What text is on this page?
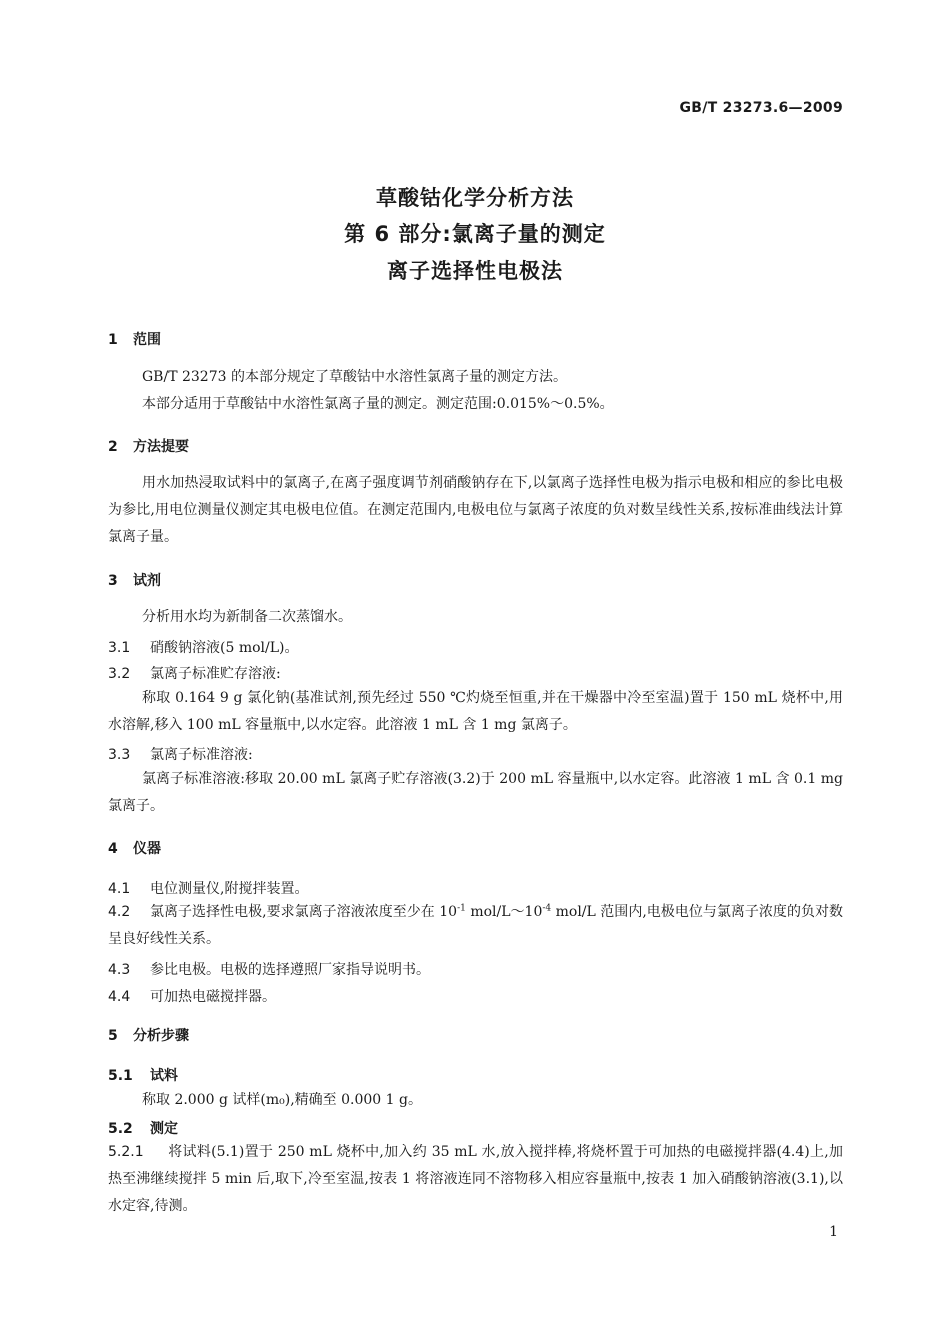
GB/T 23273.6—2009
草酸钴化学分析方法
第 6 部分:氯离子量的测定
离子选择性电极法
1 范围
GB/T 23273 的本部分规定了草酸钴中水溶性氯离子量的测定方法。
本部分适用于草酸钴中水溶性氯离子量的测定。测定范围:0.015%～0.5%。
2 方法提要
用水加热浸取试料中的氯离子,在离子强度调节剂硝酸钠存在下,以氯离子选择性电极为指示电极和相应的参比电极为参比,用电位测量仪测定其电极电位值。在测定范围内,电极电位与氯离子浓度的负对数呈线性关系,按标准曲线法计算氯离子量。
3 试剂
分析用水均为新制备二次蒸馏水。
3.1 硝酸钠溶液(5 mol/L)。
3.2 氯离子标准贮存溶液:
称取 0.164 9 g 氯化钠(基准试剂,预先经过 550 ℃灼烧至恒重,并在干燥器中冷至室温)置于 150 mL 烧杯中,用水溶解,移入 100 mL 容量瓶中,以水定容。此溶液 1 mL 含 1 mg 氯离子。
3.3 氯离子标准溶液:
氯离子标准溶液:移取 20.00 mL 氯离子贮存溶液(3.2)于 200 mL 容量瓶中,以水定容。此溶液 1 mL 含 0.1 mg 氯离子。
4 仪器
4.1 电位测量仪,附搅拌装置。
4.2 氯离子选择性电极,要求氯离子溶液浓度至少在 $10^{-1}$ mol/$L\sim 10^{-4}$ mol/L 范围内,电极电位与氯离子浓度的负对数呈良好线性关系。
4.3 参比电极。电极的选择遵照厂家指导说明书。
4.4 可加热电磁搅拌器。
5 分析步骤
5.1 试料
称取 2.000 g 试样(m₀),精确至 0.000 1 g。
5.2 测定
5.2.1 将试料(5.1)置于 250 mL 烧杯中,加入约 35 mL 水,放入搅拌棒,将烧杯置于可加热的电磁搅拌器(4.4)上,加热至沸继续搅拌 5 min 后,取下,冷至室温,按表 1 将溶液连同不溶物移入相应容量瓶中,按表 1 加入硝酸钠溶液(3.1),以水定容,待测。
1
